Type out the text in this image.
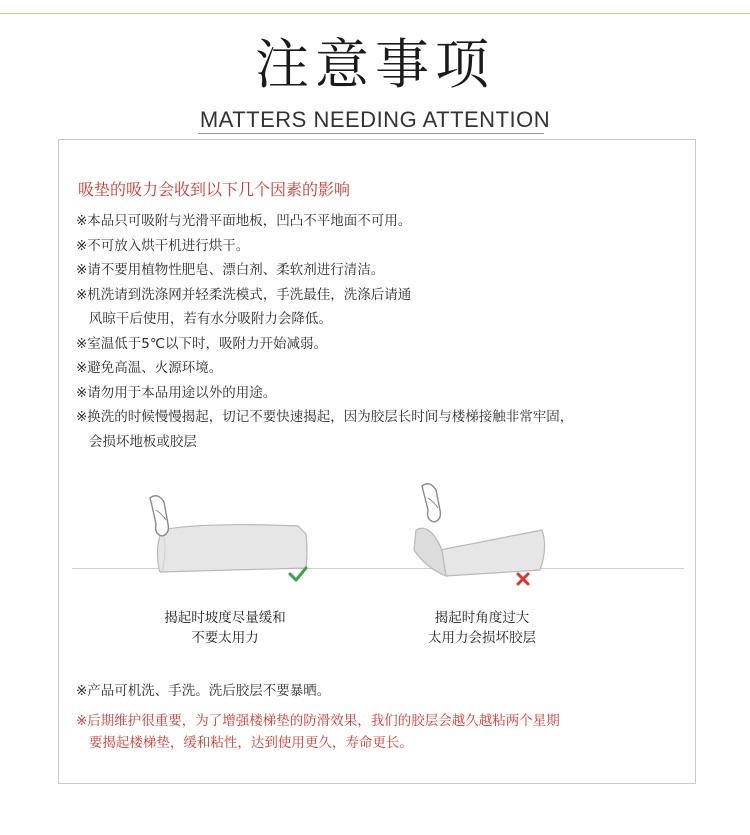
注意事项
MATTERS NEEDING ATTENTION
吸垫的吸力会收到以下几个因素的影响
※本品只可吸附与光滑平面地板，凹凸不平地面不可用。
※不可放入烘干机进行烘干。
※请不要用植物性肥皂、漂白剂、柔软剂进行清洁。
※机洗请到洗涤网并轻柔洗模式，手洗最佳，洗涤后请通
风晾干后使用，若有水分吸附力会降低。
※室温低于5℃以下时，吸附力开始减弱。
※避免高温、火源环境。
※请勿用于本品用途以外的用途。
※换洗的时候慢慢揭起，切记不要快速揭起，因为胶层长时间与楼梯接触非常牢固，
会损坏地板或胶层
揭起时坡度尽量缓和
不要太用力
揭起时角度过大
太用力会损坏胶层
※产品可机洗、手洗。洗后胶层不要暴晒。
※后期维护很重要，为了增强楼梯垫的防滑效果，我们的胶层会越久越粘两个星期
要揭起楼梯垫，缓和粘性，达到使用更久，寿命更长。
